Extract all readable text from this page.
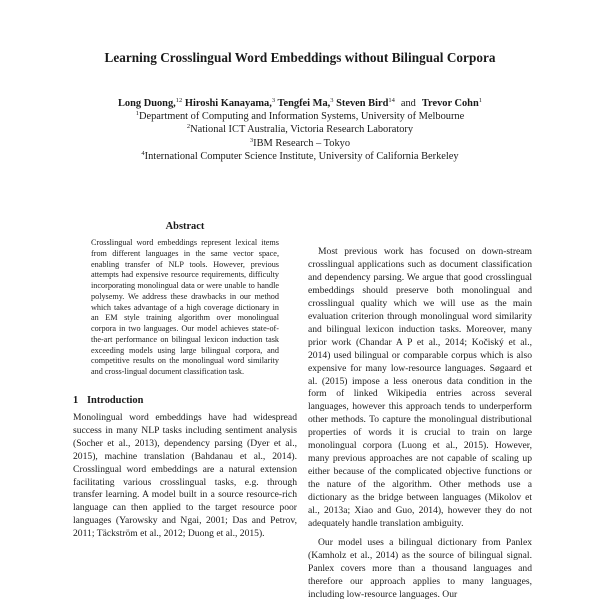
Learning Crosslingual Word Embeddings without Bilingual Corpora
Long Duong,$^{12}$ Hiroshi Kanayama,$^3$ Tengfei Ma,$^3$ Steven Bird$^{14}$ and Trevor Cohn$^1$
$^1$Department of Computing and Information Systems, University of Melbourne
$^2$National ICT Australia, Victoria Research Laboratory
$^3$IBM Research – Tokyo
$^4$International Computer Science Institute, University of California Berkeley
Abstract

Crosslingual word embeddings represent lexical items from different languages in the same vector space, enabling transfer of NLP tools. However, previous attempts had expensive resource requirements, difficulty incorporating monolingual data or were unable to handle polysemy. We address these drawbacks in our method which takes advantage of a high coverage dictionary in an EM style training algorithm over monolingual corpora in two languages. Our model achieves state-of-the-art performance on bilingual lexicon induction task exceeding models using large bilingual corpora, and competitive results on the monolingual word similarity and cross-lingual document classification task.

1 Introduction

Monolingual word embeddings have had widespread success in many NLP tasks including sentiment analysis (Socher et al., 2013), dependency parsing (Dyer et al., 2015), machine translation (Bahdanau et al., 2014). Crosslingual word embeddings are a natural extension facilitating various crosslingual tasks, e.g. through transfer learning. A model built in a source resource-rich language can then applied to the target resource poor languages (Yarowsky and Ngai, 2001; Das and Petrov, 2011; Täckström et al., 2012; Duong et al., 2015).

Most previous work has focused on down-stream crosslingual applications such as document classification and dependency parsing. We argue that good crosslingual embeddings should preserve both monolingual and crosslingual quality which we will use as the main evaluation criterion through monolingual word similarity and bilingual lexicon induction tasks. Moreover, many prior work (Chandar A P et al., 2014; Kočiský et al., 2014) used bilingual or comparable corpus which is also expensive for many low-resource languages. Søgaard et al. (2015) impose a less onerous data condition in the form of linked Wikipedia entries across several languages, however this approach tends to underperform other methods. To capture the monolingual distributional properties of words it is crucial to train on large monolingual corpora (Luong et al., 2015). However, many previous approaches are not capable of scaling up either because of the complicated objective functions or the nature of the algorithm. Other methods use a dictionary as the bridge between languages (Mikolov et al., 2013a; Xiao and Guo, 2014), however they do not adequately handle translation ambiguity.

Our model uses a bilingual dictionary from Panlex (Kamholz et al., 2014) as the source of bilingual signal. Panlex covers more than a thousand languages and therefore our approach applies to many languages, including low-resource languages. Our
